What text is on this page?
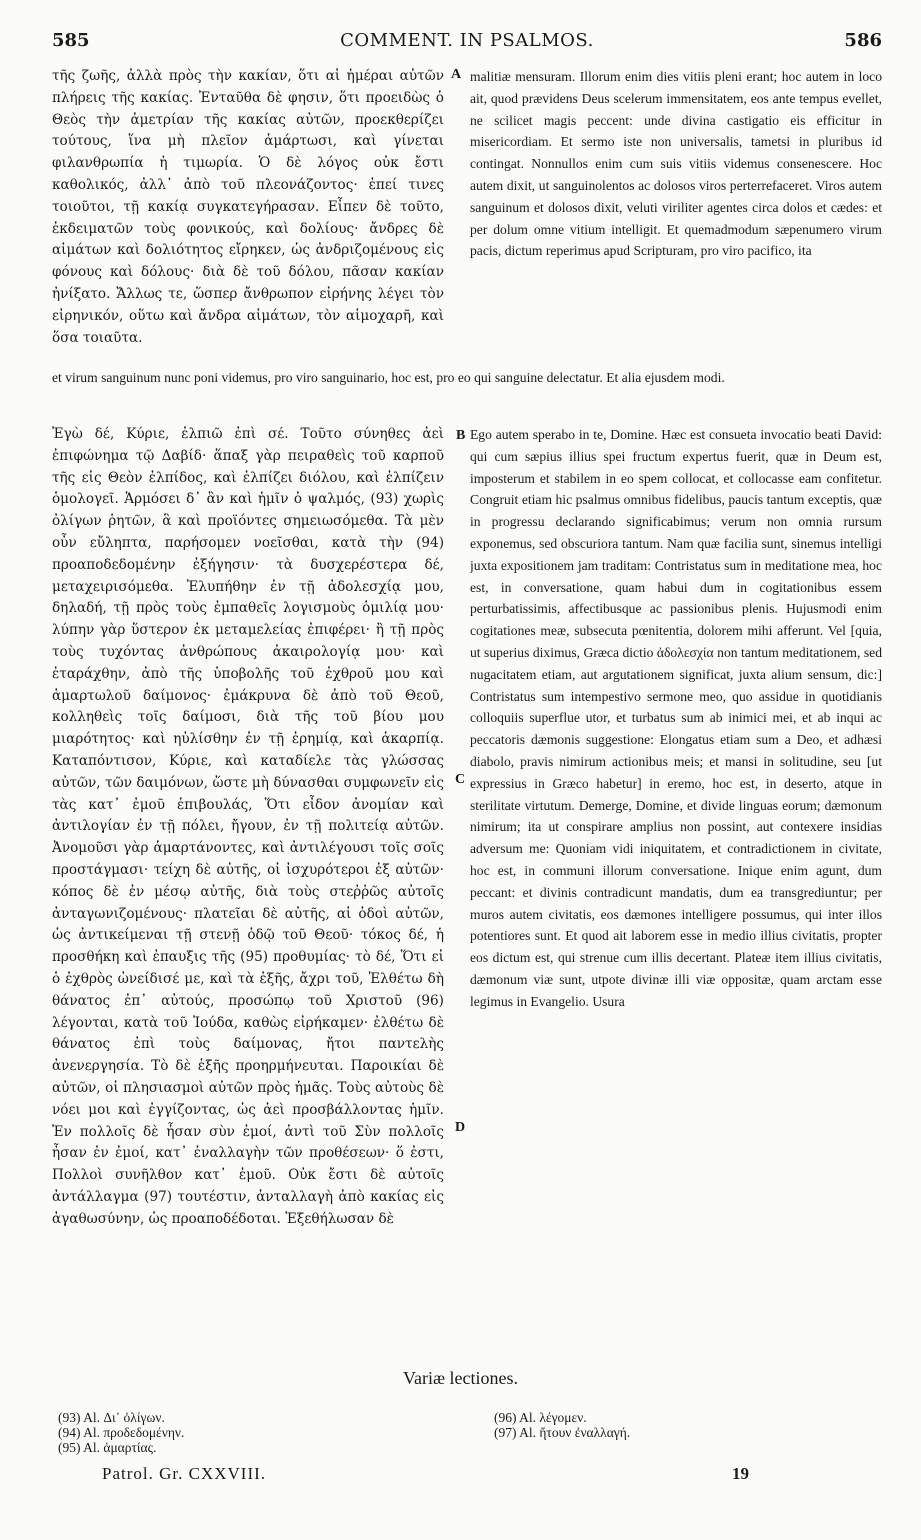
585	COMMENT. IN PSALMOS.	586

τῆς ζωῆς, ἀλλὰ πρὸς τὴν κακίαν, ὅτι αἱ ἡμέραι αὐτῶν πλήρεις τῆς κακίας. Ἐνταῦθα δὲ φησιν, ὅτι προειδὼς ὁ Θεὸς τὴν ἀμετρίαν τῆς κακίας αὐτῶν, προεκθερίζει τούτους, ἵνα μὴ πλεῖον ἁμάρτωσι, καὶ γίνεται φιλανθρωπία ἡ τιμωρία. Ὁ δὲ λόγος οὐκ ἔστι καθολικός, ἀλλ᾽ ἀπὸ τοῦ πλεονάζοντος· ἐπεί τινες τοιοῦτοι, τῇ κακίᾳ συγκατεγήρασαν. Εἶπεν δὲ τοῦτο, ἐκδειματῶν τοὺς φονικούς, καὶ δολίους· ἄνδρες δὲ αἱμάτων καὶ δολιότητος εἴρηκεν, ὡς ἀνδριζομένους εἰς φόνους καὶ δόλους· διὰ δὲ τοῦ δόλου, πᾶσαν κακίαν ἠνίξατο. Ἄλλως τε, ὥσπερ ἄνθρωπον εἰρήνης λέγει τὸν εἰρηνικόν, οὕτω καὶ ἄνδρα αἱμάτων, τὸν αἱμοχαρῆ, καὶ ὅσα τοιαῦτα.

A malitiæ mensuram. Illorum enim dies vitiis pleni erant; hoc autem in loco ait, quod prævidens Deus scelerum immensitatem, eos ante tempus evellet, ne scilicet magis peccent: unde divina castigatio eis efficitur in misericordiam. Et sermo iste non universalis, tametsi in pluribus id contingat. Nonnullos enim cum suis vitiis videmus consenescere. Hoc autem dixit, ut sanguinolentos ac dolosos viros perterrefaceret. Viros autem sanguinum et dolosos dixit, veluti viriliter agentes circa dolos et cædes: et per dolum omne vitium intelligit. Et quemadmodum sæpenumero virum pacis, dictum reperimus apud Scripturam, pro viro pacifico, ita

et virum sanguinum nunc poni videmus, pro viro sanguinario, hoc est, pro eo qui sanguine delectatur. Et alia ejusdem modi.

Ἐγὼ δέ, Κύριε, ἐλπιῶ ἐπὶ σέ. Τοῦτο σύνηθες ἀεὶ ἐπιφώνημα τῷ Δαβίδ· ἅπαξ γὰρ πειραθεὶς τοῦ καρποῦ τῆς εἰς Θεὸν ἐλπίδος, καὶ ἐλπίζει διόλου, καὶ ἐλπίζειν ὁμολογεῖ. Ἁρμόσει δ᾽ ἂν καὶ ἡμῖν ὁ ψαλμός, (93) χωρὶς ὀλίγων ῥητῶν, ἃ καὶ προϊόντες σημειωσόμεθα. Τὰ μὲν οὖν εὔληπτα, παρήσομεν νοεῖσθαι, κατὰ τὴν (94) προαποδεδομένην ἐξήγησιν· τὰ δυσχερέστερα δέ, μεταχειρισόμεθα. Ἐλυπήθην ἐν τῇ ἀδολεσχίᾳ μου, δηλαδή, τῇ πρὸς τοὺς ἐμπαθεῖς λογισμοὺς ὁμιλίᾳ μου· λύπην γὰρ ὕστερον ἐκ μεταμελείας ἐπιφέρει· ἢ τῇ πρὸς τοὺς τυχόντας ἀνθρώπους ἀκαιρολογίᾳ μου· καὶ ἐταράχθην, ἀπὸ τῆς ὑποβολῆς τοῦ ἐχθροῦ μου καὶ ἁμαρτωλοῦ δαίμονος· ἐμάκρυνα δὲ ἀπὸ τοῦ Θεοῦ, κολληθεὶς τοῖς δαίμοσι, διὰ τῆς τοῦ βίου μου μιαρότητος· καὶ ηὐλίσθην ἐν τῇ ἐρημίᾳ, καὶ ἀκαρπίᾳ. Καταπόντισον, Κύριε, καὶ καταδίελε τὰς γλώσσας αὐτῶν, τῶν δαιμόνων, ὥστε μὴ δύνασθαι συμφωνεῖν εἰς τὰς κατ᾽ ἐμοῦ ἐπιβουλάς, Ὅτι εἶδον ἀνομίαν καὶ ἀντιλογίαν ἐν τῇ πόλει, ἤγουν, ἐν τῇ πολιτείᾳ αὐτῶν. Ἀνομοῦσι γὰρ ἁμαρτάνοντες, καὶ ἀντιλέγουσι τοῖς σοῖς προστάγμασι· τείχη δὲ αὐτῆς, οἱ ἰσχυρότεροι ἐξ αὐτῶν· κόπος δὲ ἐν μέσῳ αὐτῆς, διὰ τοὺς στεῤῥῶς αὐτοῖς ἀνταγωνιζομένους· πλατεῖαι δὲ αὐτῆς, αἱ ὁδοὶ αὐτῶν, ὡς ἀντικείμεναι τῇ στενῇ ὁδῷ τοῦ Θεοῦ· τόκος δέ, ἡ προσθήκη καὶ ἐπαυξις τῆς (95) προθυμίας· τὸ δέ, Ὅτι εἰ ὁ ἐχθρὸς ὠνείδισέ με, καὶ τὰ ἑξῆς, ἄχρι τοῦ, Ἐλθέτω δὴ θάνατος ἐπ᾽ αὐτούς, προσώπῳ τοῦ Χριστοῦ (96) λέγονται, κατὰ τοῦ Ἰούδα, καθὼς εἰρήκαμεν· ἐλθέτω δὲ θάνατος ἐπὶ τοὺς δαίμονας, ἤτοι παντελὴς ἀνενεργησία. Τὸ δὲ ἑξῆς προηρμήνευται. Παροικίαι δὲ αὐτῶν, οἱ πλησιασμοὶ αὐτῶν πρὸς ἡμᾶς. Τοὺς αὐτοὺς δὲ νόει μοι καὶ ἐγγίζοντας, ὡς ἀεὶ προσβάλλοντας ἡμῖν. Ἐν πολλοῖς δὲ ἦσαν σὺν ἐμοί, ἀντὶ τοῦ Σὺν πολλοῖς ἦσαν ἐν ἐμοί, κατ᾽ ἐναλλαγὴν τῶν προθέσεων· ὅ ἐστι, Πολλοὶ συνῆλθον κατ᾽ ἐμοῦ. Οὐκ ἔστι δὲ αὐτοῖς ἀντάλλαγμα (97) τουτέστιν, ἀνταλλαγὴ ἀπὸ κακίας εἰς ἀγαθωσύνην, ὡς προαποδέδοται. Ἐξεθήλωσαν δὲ

B
C
D

Ego autem sperabo in te, Domine. Hæc est consueta invocatio beati David: qui cum sæpius illius spei fructum expertus fuerit, quæ in Deum est, imposterum et stabilem in eo spem collocat, et collocasse eam confitetur. Congruit etiam hic psalmus omnibus fidelibus, paucis tantum exceptis, quæ in progressu declarando significabimus; verum non omnia rursum exponemus, sed obscuriora tantum. Nam quæ facilia sunt, sinemus intelligi juxta expositionem jam traditam: Contristatus sum in meditatione mea, hoc est, in conversatione, quam habui dum in cogitationibus essem perturbatissimis, affectibusque ac passionibus plenis. Hujusmodi enim cogitationes meæ, subsecuta pœnitentia, dolorem mihi afferunt. Vel [quia, ut superius diximus, Græca dictio ἀδολεσχία non tantum meditationem, sed nugacitatem etiam, aut argutationem significat, juxta alium sensum, dic:] Contristatus sum intempestivo sermone meo, quo assidue in quotidianis colloquiis superflue utor, et turbatus sum ab inimici mei, et ab inqui ac peccatoris dæmonis suggestione: Elongatus etiam sum a Deo, et adhæsi diabolo, pravis nimirum actionibus meis; et mansi in solitudine, seu [ut expressius in Græco habetur] in eremo, hoc est, in deserto, atque in sterilitate virtutum. Demerge, Domine, et divide linguas eorum; dæmonum nimirum; ita ut conspirare amplius non possint, aut contexere insidias adversum me: Quoniam vidi iniquitatem, et contradictionem in civitate, hoc est, in communi illorum conversatione. Inique enim agunt, dum peccant: et divinis contradicunt mandatis, dum ea transgrediuntur; per muros autem civitatis, eos dæmones intelligere possumus, qui inter illos potentiores sunt. Et quod ait laborem esse in medio illius civitatis, propter eos dictum est, qui strenue cum illis decertant. Plateæ item illius civitatis, dæmonum viæ sunt, utpote divinæ illi viæ oppositæ, quam arctam esse legimus in Evangelio. Usura

Variæ lectiones.
(93) Al. Δι᾽ ὀλίγων.
(94) Al. προδεδομένην.
(95) Al. ἁμαρτίας.
(96) Al. λέγομεν.
(97) Al. ἤτουν ἐναλλαγή.
Patrol. Gr. CXXVIII.	19
